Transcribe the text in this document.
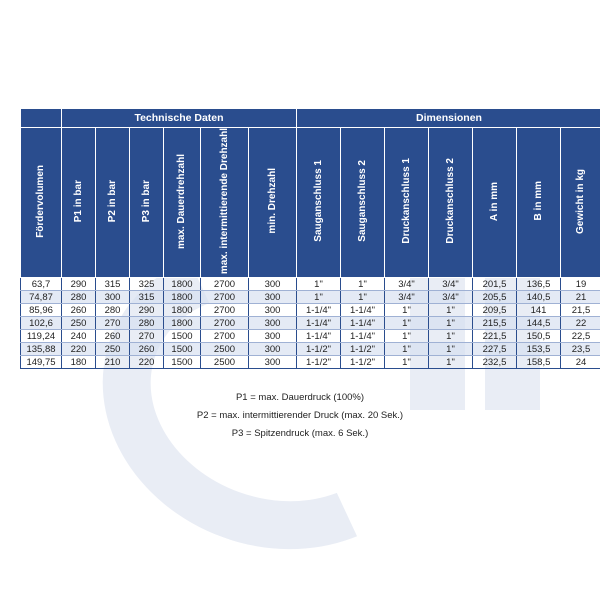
	Technische Daten						Dimensionen						
Fördervolumen	P1 in bar	P2 in bar	P3 in bar	max. Dauerdrehzahl	max. intermittierende Drehzahl	min. Drehzahl	Sauganschluss 1	Sauganschluss 2	Druckanschluss 1	Druckanschluss 2	A in mm	B in mm	Gewicht in kg
63,7	290	315	325	1800	2700	300	1"	1"	3/4"	3/4"	201,5	136,5	19
74,87	280	300	315	1800	2700	300	1"	1"	3/4"	3/4"	205,5	140,5	21
85,96	260	280	290	1800	2700	300	1-1/4"	1-1/4"	1"	1"	209,5	141	21,5
102,6	250	270	280	1800	2700	300	1-1/4"	1-1/4"	1"	1"	215,5	144,5	22
119,24	240	260	270	1500	2700	300	1-1/4"	1-1/4"	1"	1"	221,5	150,5	22,5
135,88	220	250	260	1500	2500	300	1-1/2"	1-1/2"	1"	1"	227,5	153,5	23,5
149,75	180	210	220	1500	2500	300	1-1/2"	1-1/2"	1"	1"	232,5	158,5	24
P1 = max. Dauerdruck (100%)
P2 = max. intermittierender Druck (max. 20 Sek.)
P3 = Spitzendruck (max. 6 Sek.)
